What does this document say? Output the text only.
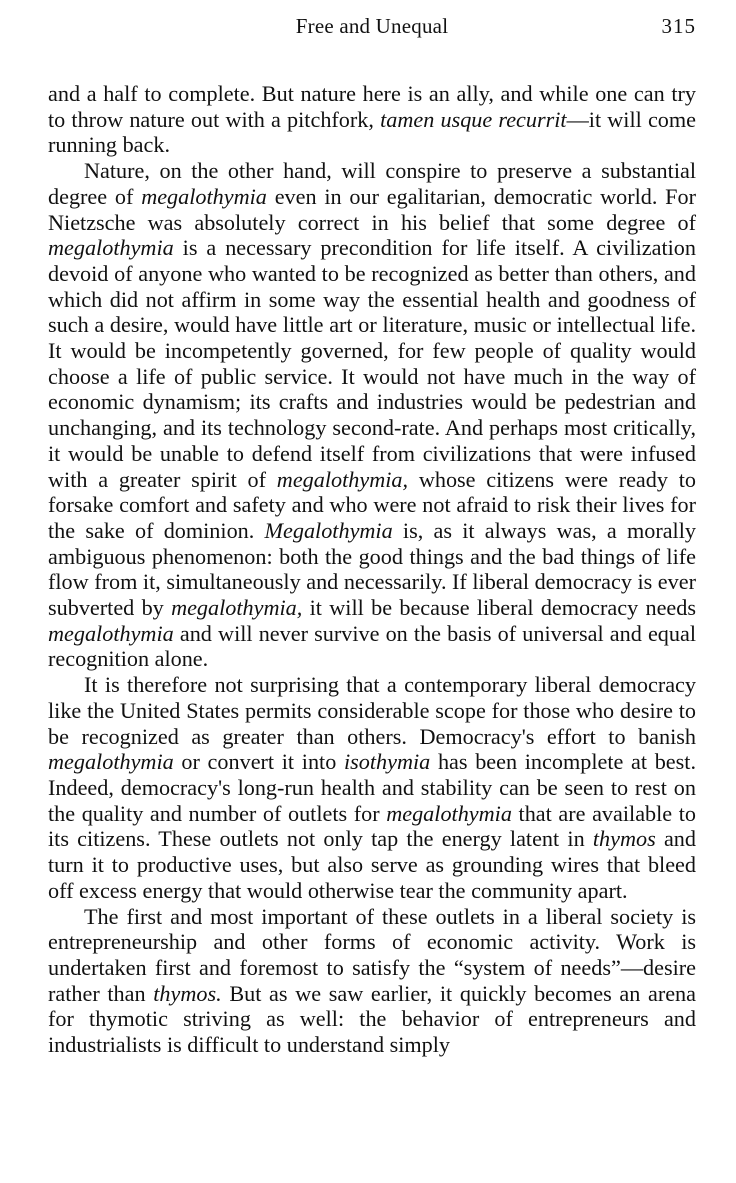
Free and Unequal	315

and a half to complete. But nature here is an ally, and while one can try to throw nature out with a pitchfork, tamen usque recurrit—it will come running back.

Nature, on the other hand, will conspire to preserve a substantial degree of megalothymia even in our egalitarian, democratic world. For Nietzsche was absolutely correct in his belief that some degree of megalothymia is a necessary precondition for life itself. A civilization devoid of anyone who wanted to be recognized as better than others, and which did not affirm in some way the essential health and goodness of such a desire, would have little art or literature, music or intellectual life. It would be incompetently governed, for few people of quality would choose a life of public service. It would not have much in the way of economic dynamism; its crafts and industries would be pedestrian and unchanging, and its technology second-rate. And perhaps most critically, it would be unable to defend itself from civilizations that were infused with a greater spirit of megalothymia, whose citizens were ready to forsake comfort and safety and who were not afraid to risk their lives for the sake of dominion. Megalothymia is, as it always was, a morally ambiguous phenomenon: both the good things and the bad things of life flow from it, simultaneously and necessarily. If liberal democracy is ever subverted by megalothymia, it will be because liberal democracy needs megalothymia and will never survive on the basis of universal and equal recognition alone.

It is therefore not surprising that a contemporary liberal democracy like the United States permits considerable scope for those who desire to be recognized as greater than others. Democracy's effort to banish megalothymia or convert it into isothymia has been incomplete at best. Indeed, democracy's long-run health and stability can be seen to rest on the quality and number of outlets for megalothymia that are available to its citizens. These outlets not only tap the energy latent in thymos and turn it to productive uses, but also serve as grounding wires that bleed off excess energy that would otherwise tear the community apart.

The first and most important of these outlets in a liberal society is entrepreneurship and other forms of economic activity. Work is undertaken first and foremost to satisfy the “system of needs”—desire rather than thymos. But as we saw earlier, it quickly becomes an arena for thymotic striving as well: the behavior of entrepreneurs and industrialists is difficult to understand simply
